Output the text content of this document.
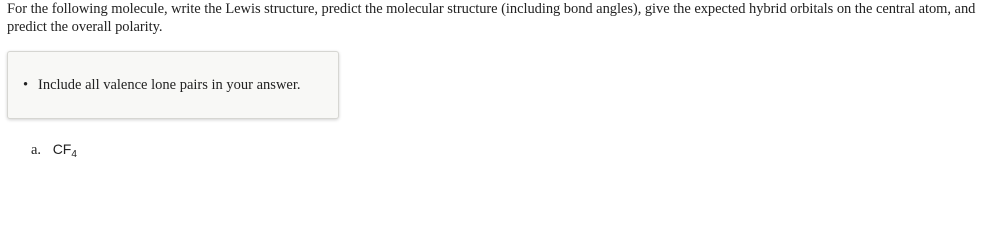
For the following molecule, write the Lewis structure, predict the molecular structure (including bond angles), give the expected hybrid orbitals on the central atom, and predict the overall polarity.
• Include all valence lone pairs in your answer.
a. $CF_4$
